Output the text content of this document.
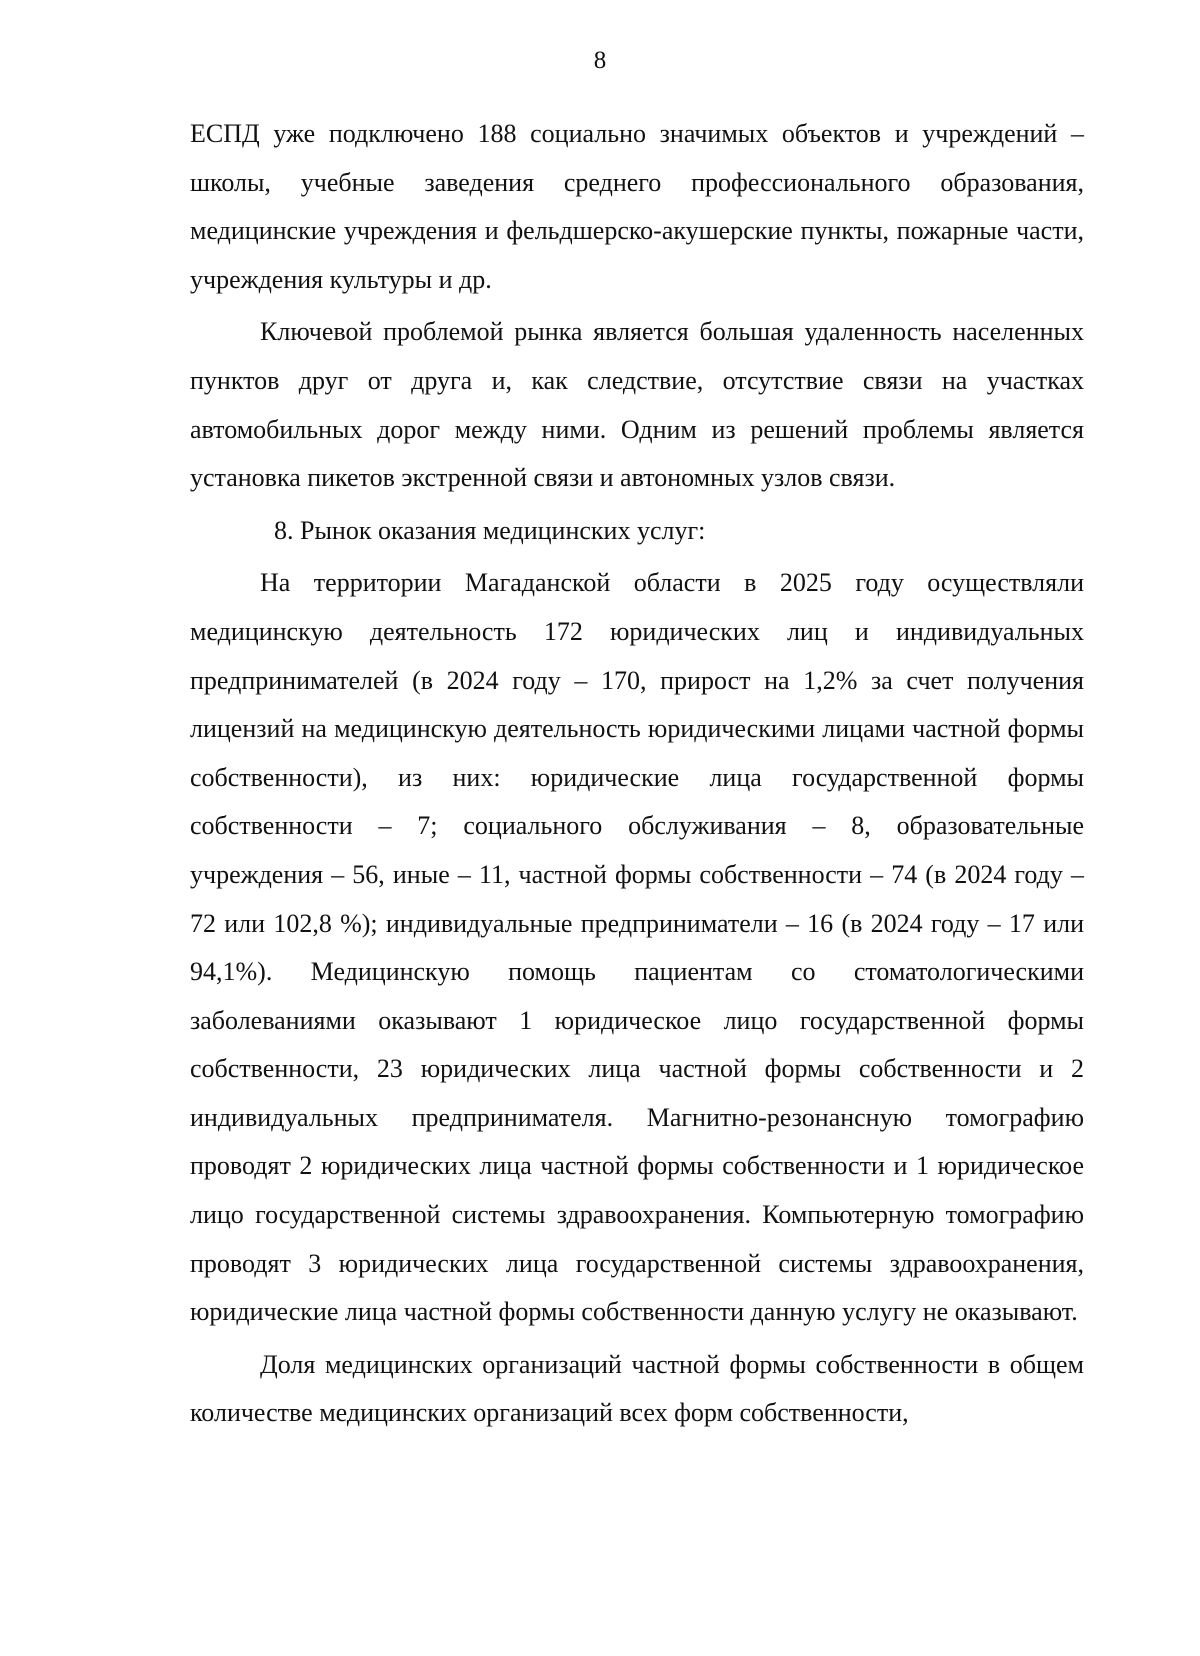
8

ЕСПД уже подключено 188 социально значимых объектов и учреждений – школы, учебные заведения среднего профессионального образования, медицинские учреждения и фельдшерско-акушерские пункты, пожарные части, учреждения культуры и др.

Ключевой проблемой рынка является большая удаленность населенных пунктов друг от друга и, как следствие, отсутствие связи на участках автомобильных дорог между ними. Одним из решений проблемы является установка пикетов экстренной связи и автономных узлов связи.

8. Рынок оказания медицинских услуг:

На территории Магаданской области в 2025 году осуществляли медицинскую деятельность 172 юридических лиц и индивидуальных предпринимателей (в 2024 году – 170, прирост на 1,2% за счет получения лицензий на медицинскую деятельность юридическими лицами частной формы собственности), из них: юридические лица государственной формы собственности – 7; социального обслуживания – 8, образовательные учреждения – 56, иные – 11, частной формы собственности – 74 (в 2024 году – 72 или 102,8 %); индивидуальные предприниматели – 16 (в 2024 году – 17 или 94,1%). Медицинскую помощь пациентам со стоматологическими заболеваниями оказывают 1 юридическое лицо государственной формы собственности, 23 юридических лица частной формы собственности и 2 индивидуальных предпринимателя. Магнитно-резонансную томографию проводят 2 юридических лица частной формы собственности и 1 юридическое лицо государственной системы здравоохранения. Компьютерную томографию проводят 3 юридических лица государственной системы здравоохранения, юридические лица частной формы собственности данную услугу не оказывают.

Доля медицинских организаций частной формы собственности в общем количестве медицинских организаций всех форм собственности,
